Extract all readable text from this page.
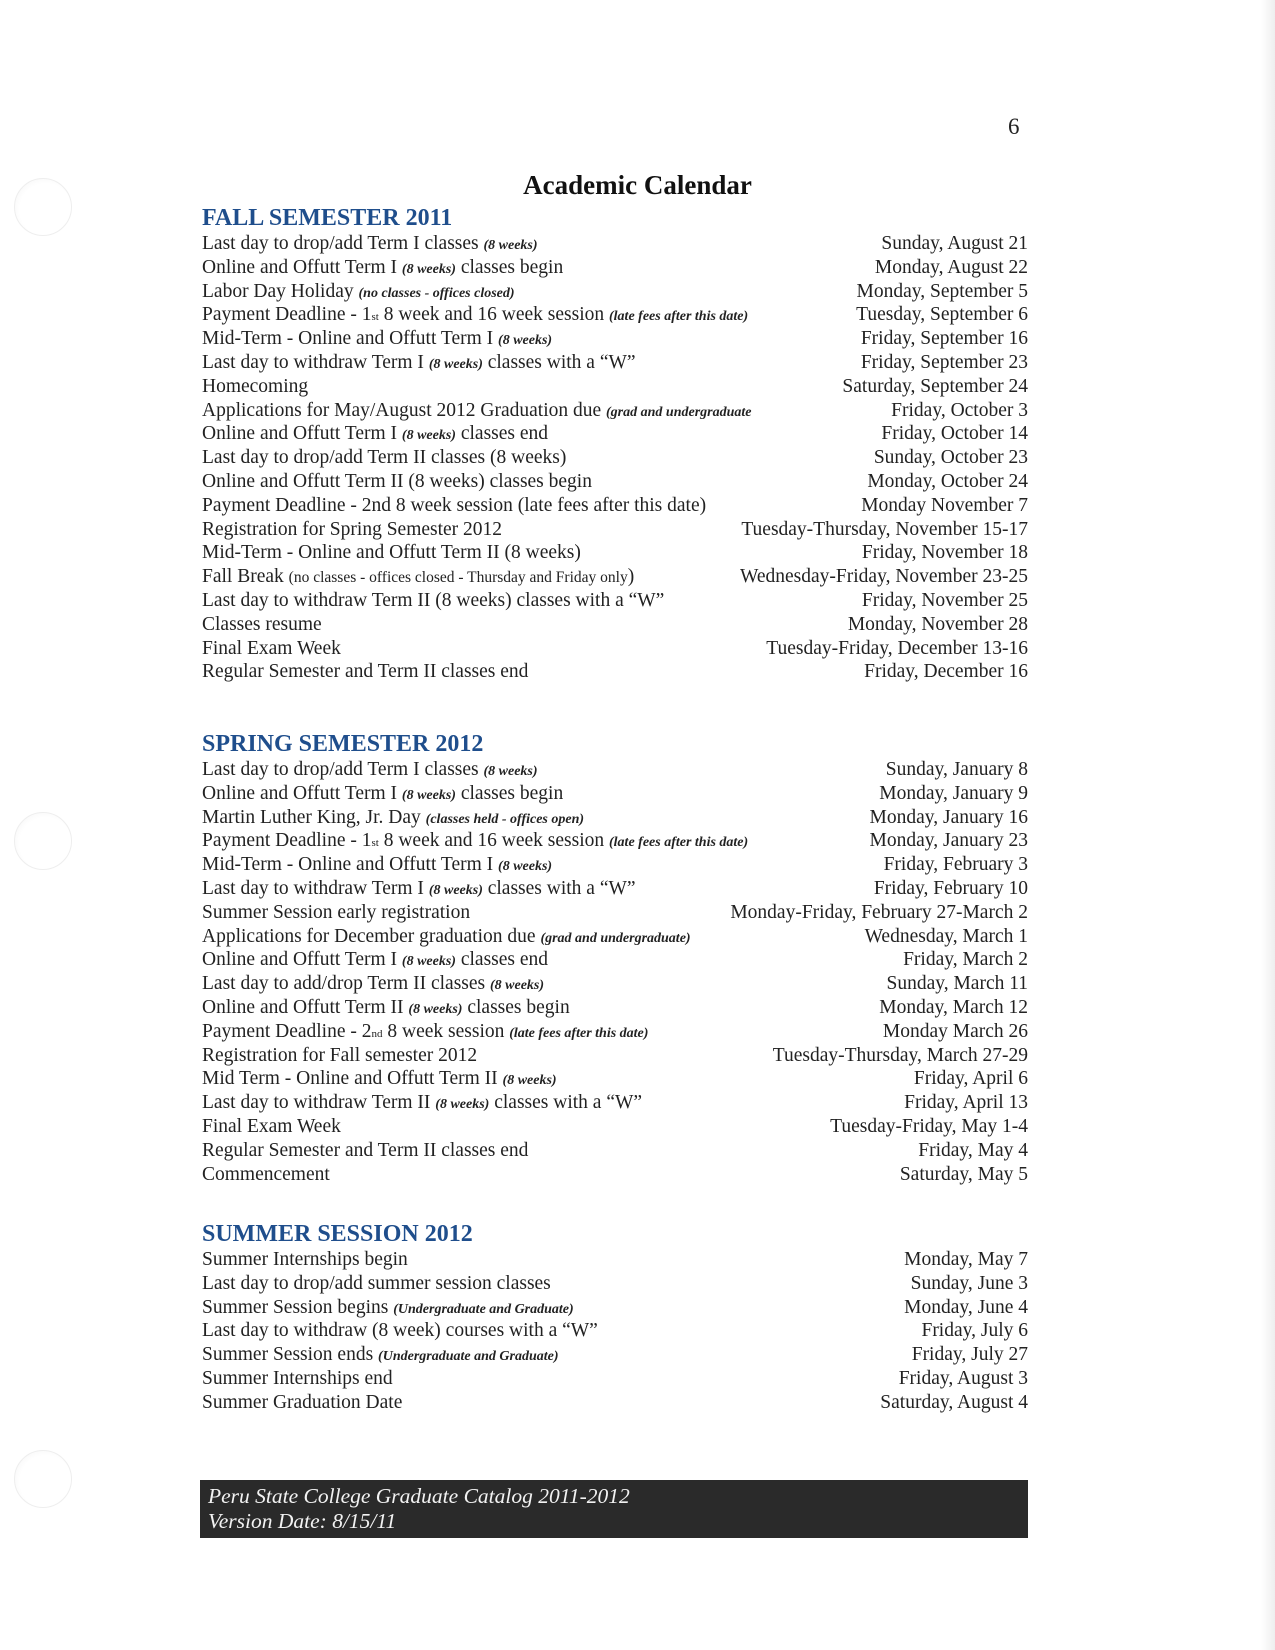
6
Academic Calendar
FALL SEMESTER 2011
Last day to drop/add Term I classes (8 weeks)	Sunday, August 21
Online and Offutt Term I (8 weeks) classes begin	Monday, August 22
Labor Day Holiday (no classes - offices closed)	Monday, September 5
Payment Deadline - 1st 8 week and 16 week session (late fees after this date)	Tuesday, September 6
Mid-Term - Online and Offutt Term I (8 weeks)	Friday, September 16
Last day to withdraw Term I (8 weeks) classes with a “W”	Friday, September 23
Homecoming	Saturday, September 24
Applications for May/August 2012 Graduation due (grad and undergraduate	Friday, October 3
Online and Offutt Term I (8 weeks) classes end	Friday, October 14
Last day to drop/add Term II classes (8 weeks)	Sunday, October 23
Online and Offutt Term II (8 weeks) classes begin	Monday, October 24
Payment Deadline - 2nd 8 week session (late fees after this date)	Monday November 7
Registration for Spring Semester 2012	Tuesday-Thursday, November 15-17
Mid-Term - Online and Offutt Term II (8 weeks)	Friday, November 18
Fall Break (no classes - offices closed - Thursday and Friday only)	Wednesday-Friday, November 23-25
Last day to withdraw Term II (8 weeks) classes with a “W”	Friday, November 25
Classes resume	Monday, November 28
Final Exam Week	Tuesday-Friday, December 13-16
Regular Semester and Term II classes end	Friday, December 16
SPRING SEMESTER 2012
Last day to drop/add Term I classes (8 weeks)	Sunday, January 8
Online and Offutt Term I (8 weeks) classes begin	Monday, January 9
Martin Luther King, Jr. Day (classes held - offices open)	Monday, January 16
Payment Deadline - 1st 8 week and 16 week session (late fees after this date)	Monday, January 23
Mid-Term - Online and Offutt Term I (8 weeks)	Friday, February 3
Last day to withdraw Term I (8 weeks) classes with a “W”	Friday, February 10
Summer Session early registration	Monday-Friday, February 27-March 2
Applications for December graduation due (grad and undergraduate)	Wednesday, March 1
Online and Offutt Term I (8 weeks) classes end	Friday, March 2
Last day to add/drop Term II classes (8 weeks)	Sunday, March 11
Online and Offutt Term II (8 weeks) classes begin	Monday, March 12
Payment Deadline - 2nd 8 week session (late fees after this date)	Monday March 26
Registration for Fall semester 2012	Tuesday-Thursday, March 27-29
Mid Term - Online and Offutt Term II (8 weeks)	Friday, April 6
Last day to withdraw Term II (8 weeks) classes with a “W”	Friday, April 13
Final Exam Week	Tuesday-Friday, May 1-4
Regular Semester and Term II classes end	Friday, May 4
Commencement	Saturday, May 5
SUMMER SESSION 2012
Summer Internships begin	Monday, May 7
Last day to drop/add summer session classes	Sunday, June 3
Summer Session begins (Undergraduate and Graduate)	Monday, June 4
Last day to withdraw (8 week) courses with a “W”	Friday, July 6
Summer Session ends (Undergraduate and Graduate)	Friday, July 27
Summer Internships end	Friday, August 3
Summer Graduation Date	Saturday, August 4
Peru State College Graduate Catalog 2011-2012
Version Date: 8/15/11
